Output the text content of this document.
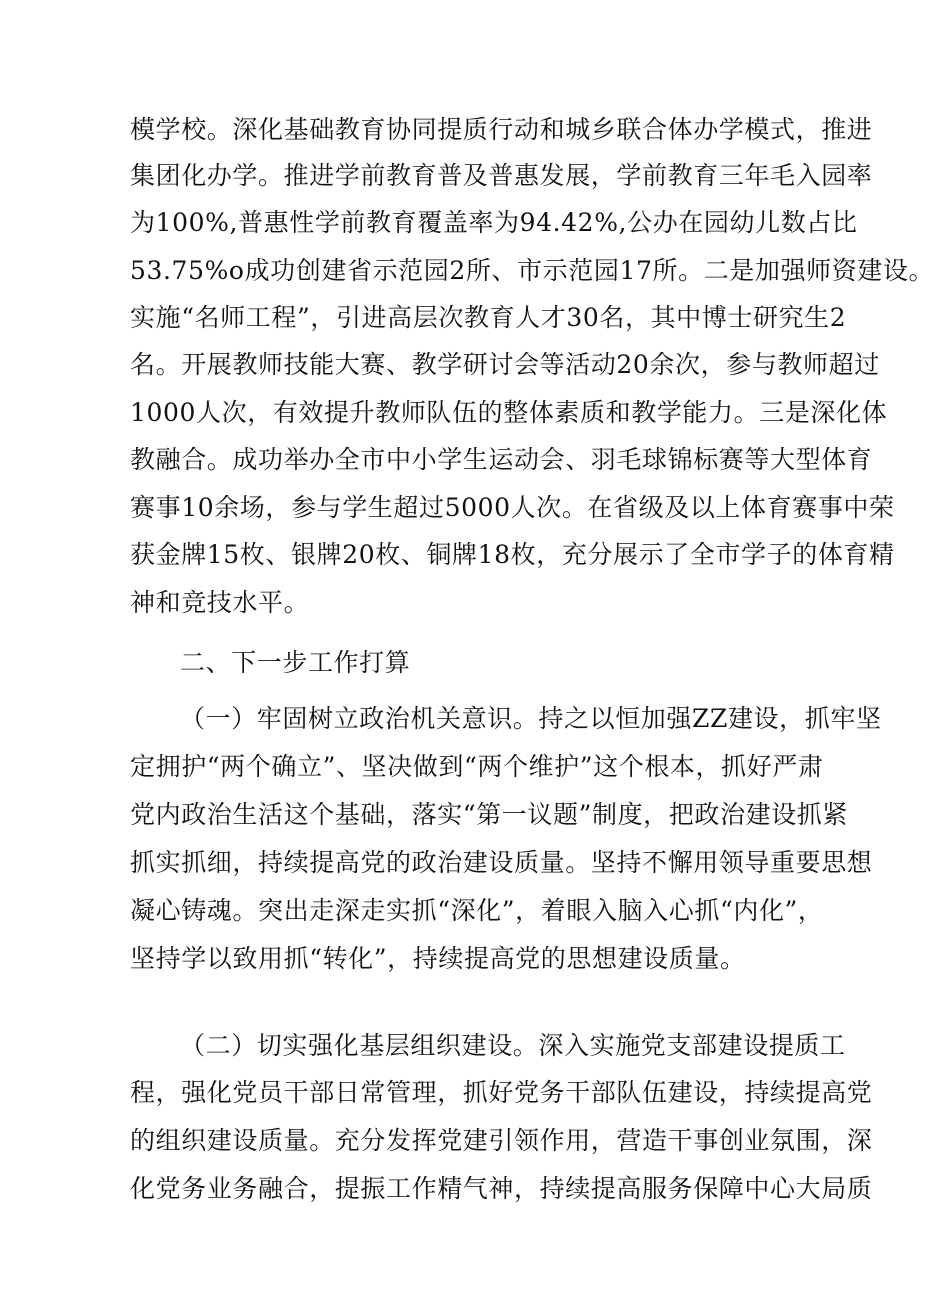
模学校。深化基础教育协同提质行动和城乡联合体办学模式，推进
集团化办学。推进学前教育普及普惠发展，学前教育三年毛入园率
为100%,普惠性学前教育覆盖率为94.42%,公办在园幼儿数占比
53.75%o成功创建省示范园2所、市示范园17所。二是加强师资建设。
实施“名师工程”，引进高层次教育人才30名，其中博士研究生2
名。开展教师技能大赛、教学研讨会等活动20余次，参与教师超过
1000人次，有效提升教师队伍的整体素质和教学能力。三是深化体
教融合。成功举办全市中小学生运动会、羽毛球锦标赛等大型体育
赛事10余场，参与学生超过5000人次。在省级及以上体育赛事中荣
获金牌15枚、银牌20枚、铜牌18枚，充分展示了全市学子的体育精
神和竞技水平。
二、下一步工作打算
（一）牢固树立政治机关意识。持之以恒加强ZZ建设，抓牢坚
定拥护“两个确立”、坚决做到“两个维护”这个根本，抓好严肃
党内政治生活这个基础，落实“第一议题”制度，把政治建设抓紧
抓实抓细，持续提高党的政治建设质量。坚持不懈用领导重要思想
凝心铸魂。突出走深走实抓“深化”，着眼入脑入心抓“内化”，
坚持学以致用抓“转化”，持续提高党的思想建设质量。
（二）切实强化基层组织建设。深入实施党支部建设提质工
程，强化党员干部日常管理，抓好党务干部队伍建设，持续提高党
的组织建设质量。充分发挥党建引领作用，营造干事创业氛围，深
化党务业务融合，提振工作精气神，持续提高服务保障中心大局质
